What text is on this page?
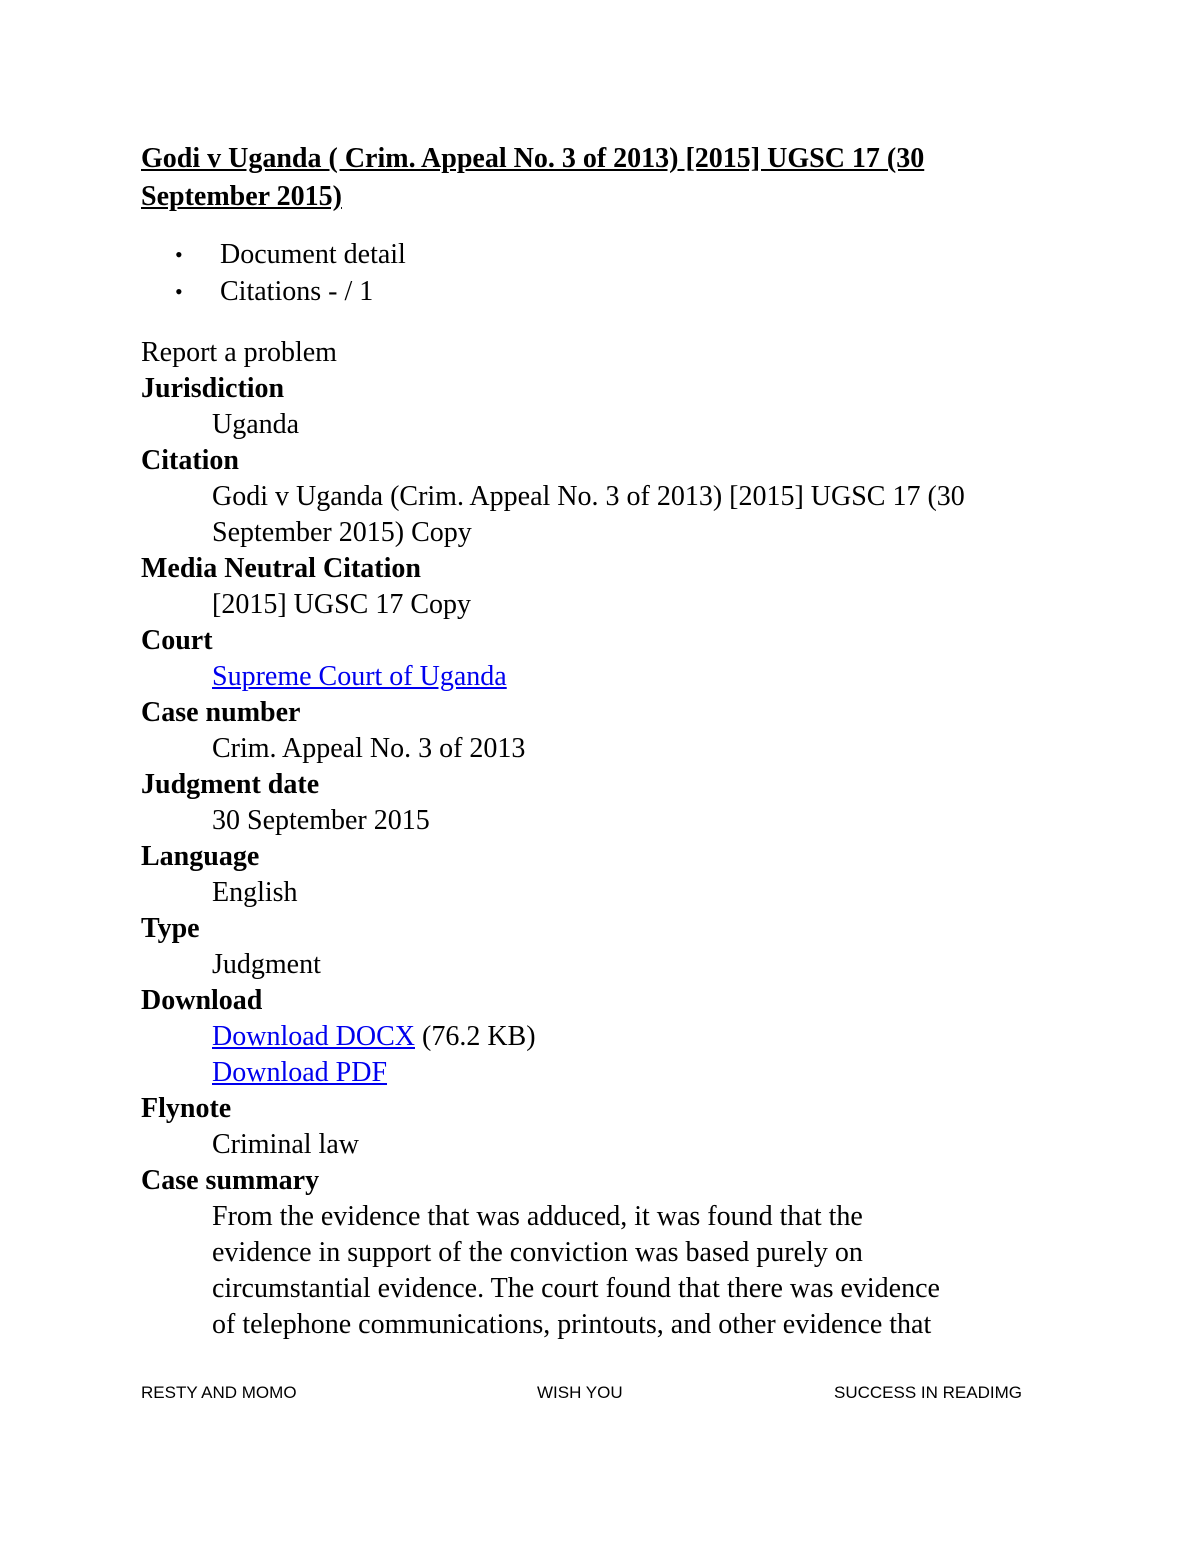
Godi v Uganda ( Crim. Appeal No. 3 of 2013) [2015] UGSC 17 (30 September 2015)
• Document detail
• Citations - / 1
Report a problem
Jurisdiction
Uganda
Citation
Godi v Uganda (Crim. Appeal No. 3 of 2013) [2015] UGSC 17 (30 September 2015) Copy
Media Neutral Citation
[2015] UGSC 17 Copy
Court
Supreme Court of Uganda
Case number
Crim. Appeal No. 3 of 2013
Judgment date
30 September 2015
Language
English
Type
Judgment
Download
Download DOCX (76.2 KB)
Download PDF
Flynote
Criminal law
Case summary
From the evidence that was adduced, it was found that the
evidence in support of the conviction was based purely on
circumstantial evidence. The court found that there was evidence
of telephone communications, printouts, and other evidence that
RESTY AND MOMO	WISH YOU	SUCCESS IN READIMG
